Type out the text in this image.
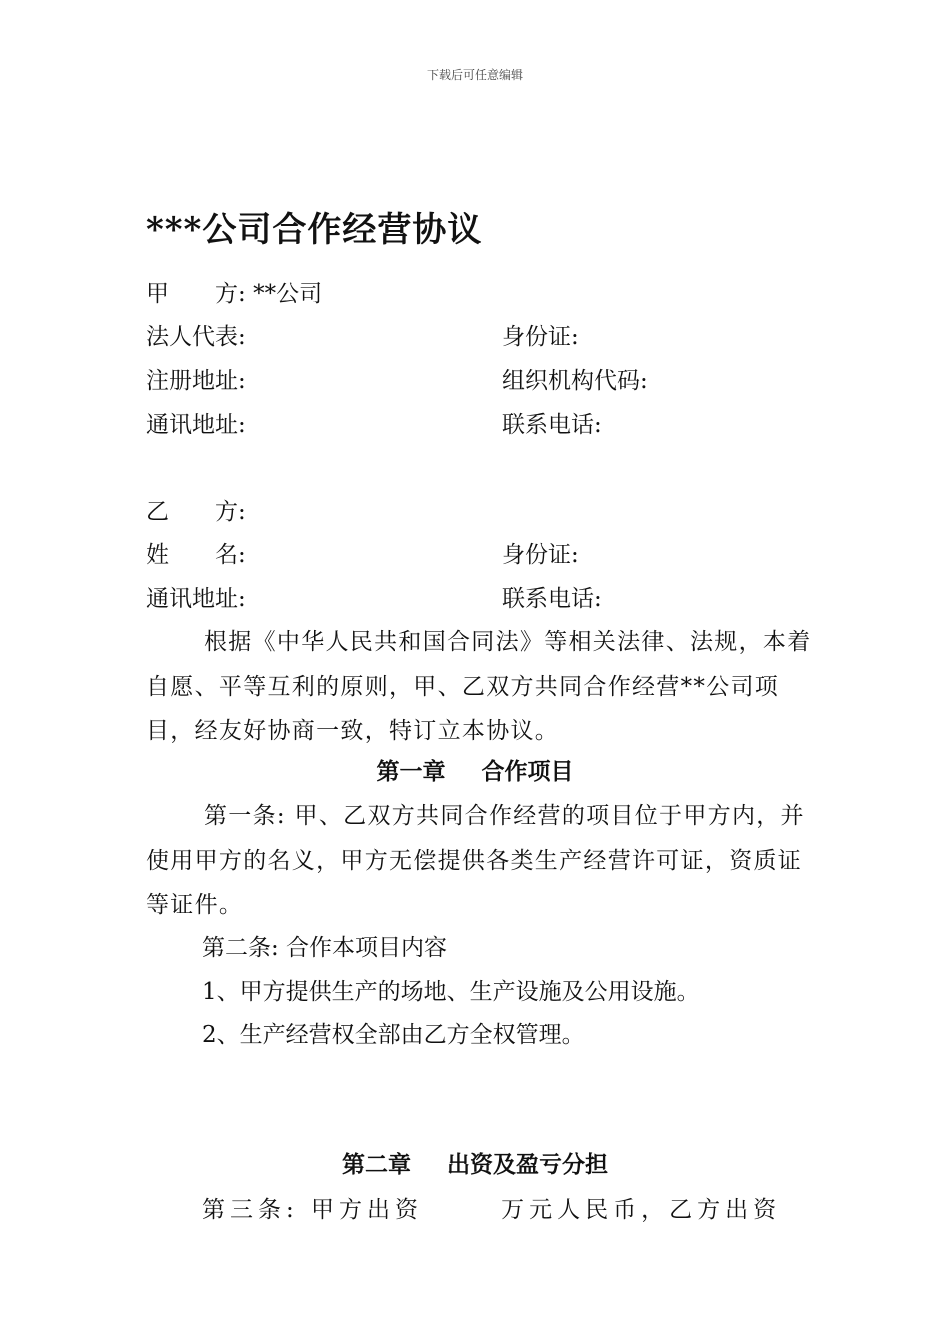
下载后可任意编辑
***公司合作经营协议
甲　　方: **公司
法人代表:	身份证:
注册地址:	组织机构代码:
通讯地址:	联系电话:
乙　　方:
姓　　名:	身份证:
通讯地址:	联系电话:
根据《中华人民共和国合同法》等相关法律、法规，本着自愿、平等互利的原则，甲、乙双方共同合作经营**公司项目，经友好协商一致，特订立本协议。
第一章 合作项目
第一条: 甲、乙双方共同合作经营的项目位于甲方内，并使用甲方的名义，甲方无偿提供各类生产经营许可证，资质证等证件。
第二条: 合作本项目内容
1、甲方提供生产的场地、生产设施及公用设施。
2、生产经营权全部由乙方全权管理。
第二章 出资及盈亏分担
第三条: 甲方出资	万元人民币，乙方出资
